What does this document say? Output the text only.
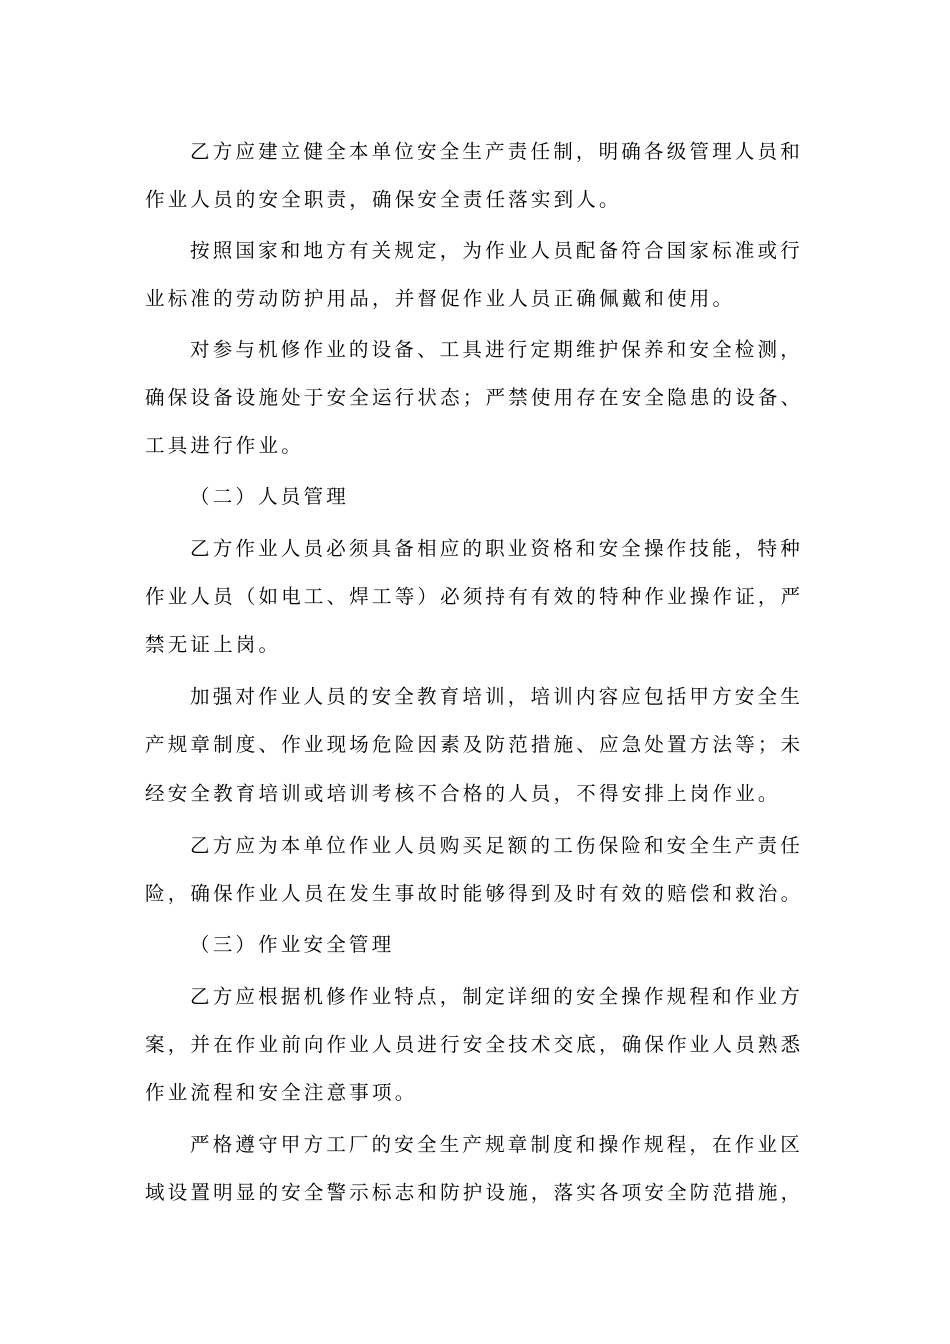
乙方应建立健全本单位安全生产责任制，明确各级管理人员和

作业人员的安全职责，确保安全责任落实到人。

按照国家和地方有关规定，为作业人员配备符合国家标准或行

业标准的劳动防护用品，并督促作业人员正确佩戴和使用。

对参与机修作业的设备、工具进行定期维护保养和安全检测，

确保设备设施处于安全运行状态；严禁使用存在安全隐患的设备、

工具进行作业。

（二）人员管理

乙方作业人员必须具备相应的职业资格和安全操作技能，特种

作业人员（如电工、焊工等）必须持有有效的特种作业操作证，严

禁无证上岗。

加强对作业人员的安全教育培训，培训内容应包括甲方安全生

产规章制度、作业现场危险因素及防范措施、应急处置方法等；未

经安全教育培训或培训考核不合格的人员，不得安排上岗作业。

乙方应为本单位作业人员购买足额的工伤保险和安全生产责任

险，确保作业人员在发生事故时能够得到及时有效的赔偿和救治。

（三）作业安全管理

乙方应根据机修作业特点，制定详细的安全操作规程和作业方

案，并在作业前向作业人员进行安全技术交底，确保作业人员熟悉

作业流程和安全注意事项。

严格遵守甲方工厂的安全生产规章制度和操作规程，在作业区

域设置明显的安全警示标志和防护设施，落实各项安全防范措施，
